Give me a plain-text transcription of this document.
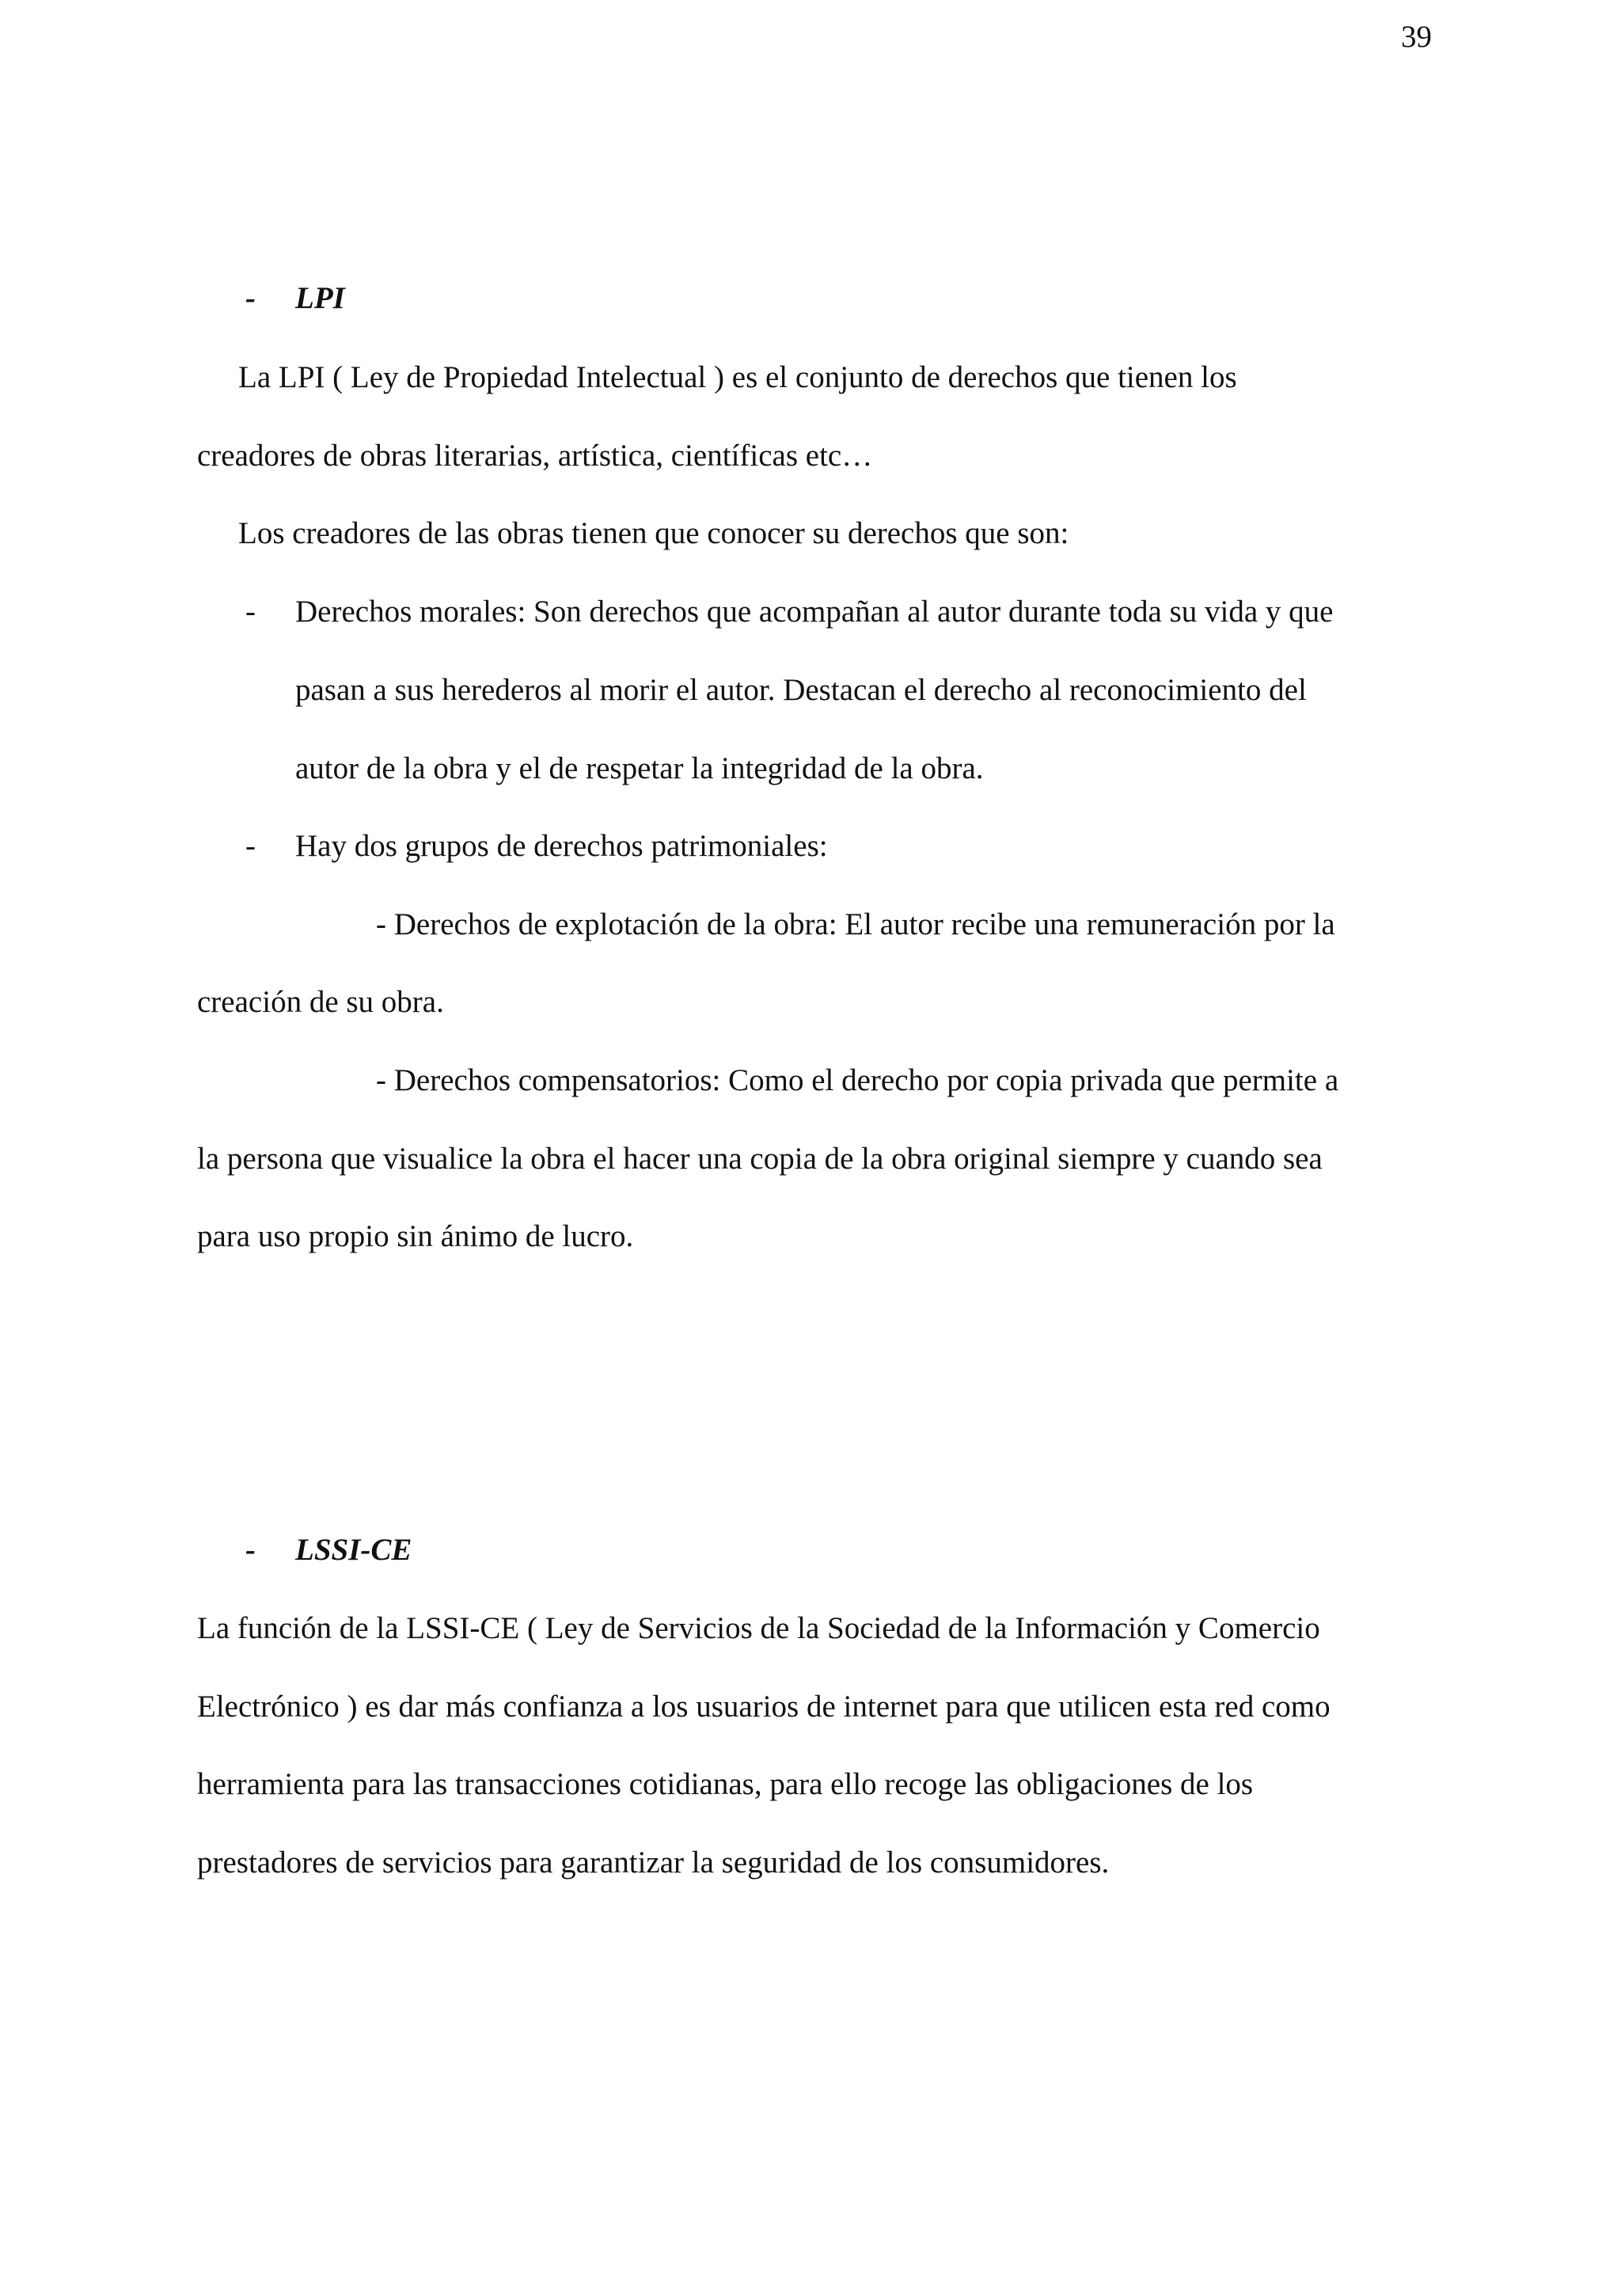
39
- LPI

La LPI ( Ley de Propiedad Intelectual ) es el conjunto de derechos que tienen los

creadores de obras literarias, artística, científicas etc…

Los creadores de las obras tienen que conocer su derechos que son:

- Derechos morales: Son derechos que acompañan al autor durante toda su vida y que

pasan a sus herederos al morir el autor. Destacan el derecho al reconocimiento del

autor de la obra y el de respetar la integridad de la obra.

- Hay dos grupos de derechos patrimoniales:

- Derechos de explotación de la obra: El autor recibe una remuneración por la

creación de su obra.

- Derechos compensatorios: Como el derecho por copia privada que permite a

la persona que visualice la obra el hacer una copia de la obra original siempre y cuando sea

para uso propio sin ánimo de lucro.

- LSSI-CE

La función de la LSSI-CE ( Ley de Servicios de la Sociedad de la Información y Comercio

Electrónico ) es dar más confianza a los usuarios de internet para que utilicen esta red como

herramienta para las transacciones cotidianas, para ello recoge las obligaciones de los

prestadores de servicios para garantizar la seguridad de los consumidores.
